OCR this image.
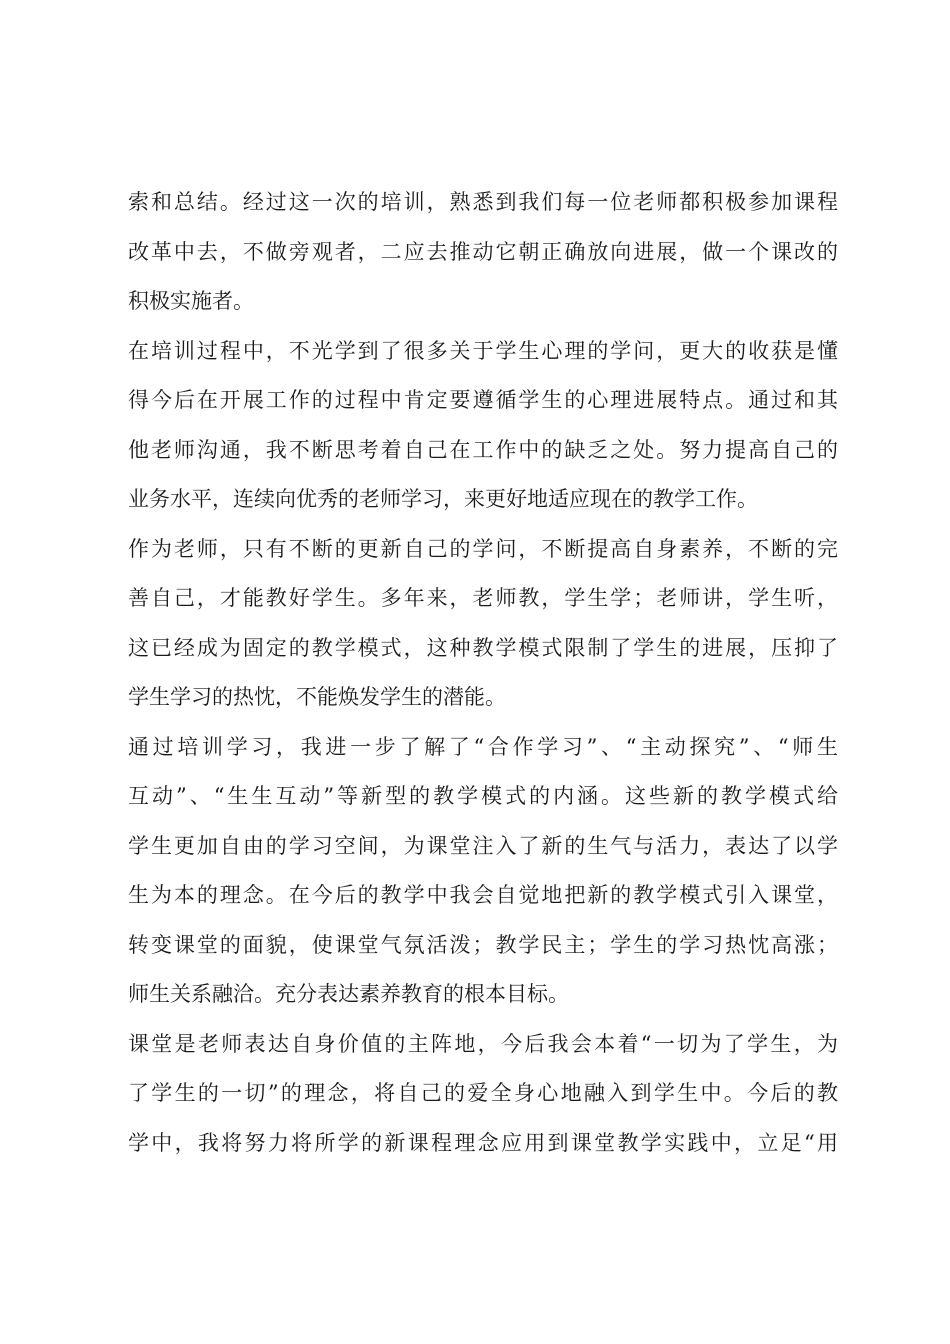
索和总结。经过这一次的培训，熟悉到我们每一位老师都积极参加课程
改革中去，不做旁观者，二应去推动它朝正确放向进展，做一个课改的
积极实施者。
在培训过程中，不光学到了很多关于学生心理的学问，更大的收获是懂
得今后在开展工作的过程中肯定要遵循学生的心理进展特点。通过和其
他老师沟通，我不断思考着自己在工作中的缺乏之处。努力提高自己的
业务水平，连续向优秀的老师学习，来更好地适应现在的教学工作。
作为老师，只有不断的更新自己的学问，不断提高自身素养，不断的完
善自己，才能教好学生。多年来，老师教，学生学；老师讲，学生听，
这已经成为固定的教学模式，这种教学模式限制了学生的进展，压抑了
学生学习的热忱，不能焕发学生的潜能。
通过培训学习，我进一步了解了“合作学习”、“主动探究”、“师生
互动”、“生生互动”等新型的教学模式的内涵。这些新的教学模式给
学生更加自由的学习空间，为课堂注入了新的生气与活力，表达了以学
生为本的理念。在今后的教学中我会自觉地把新的教学模式引入课堂，
转变课堂的面貌，使课堂气氛活泼；教学民主；学生的学习热忱高涨；
师生关系融洽。充分表达素养教育的根本目标。
课堂是老师表达自身价值的主阵地，今后我会本着“一切为了学生，为
了学生的一切”的理念，将自己的爱全身心地融入到学生中。今后的教
学中，我将努力将所学的新课程理念应用到课堂教学实践中，立足“用
